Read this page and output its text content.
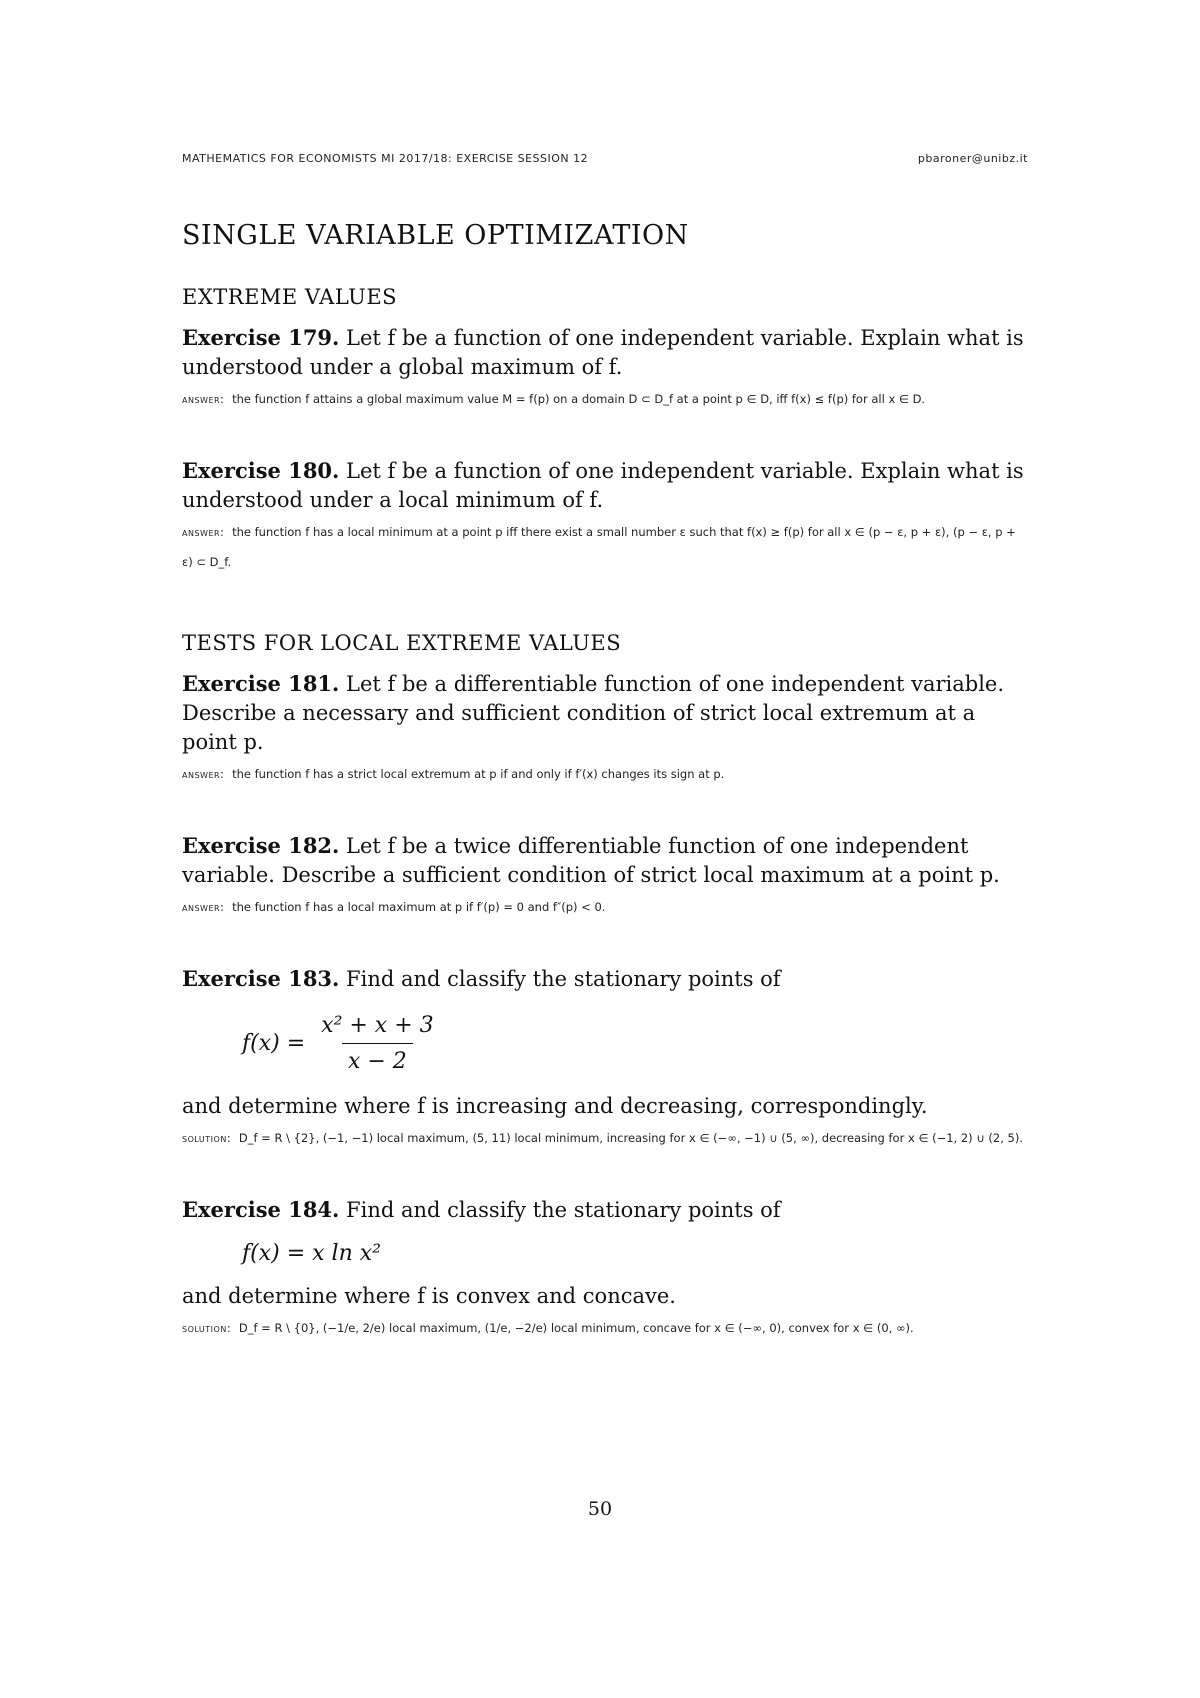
MATHEMATICS FOR ECONOMISTS MI 2017/18: EXERCISE SESSION 12	pbaroner@unibz.it
SINGLE VARIABLE OPTIMIZATION
EXTREME VALUES

Exercise 179. Let f be a function of one independent variable. Explain what is understood under a global maximum of f.

answer: the function f attains a global maximum value M = f(p) on a domain D ⊂ D_f at a point p ∈ D, iff f(x) ≤ f(p) for all x ∈ D.

Exercise 180. Let f be a function of one independent variable. Explain what is understood under a local minimum of f.

answer: the function f has a local minimum at a point p iff there exist a small number ε such that f(x) ≥ f(p) for all x ∈ (p − ε, p + ε), (p − ε, p + ε) ⊂ D_f.
TESTS FOR LOCAL EXTREME VALUES

Exercise 181. Let f be a differentiable function of one independent variable. Describe a necessary and sufficient condition of strict local extremum at a point p.

answer: the function f has a strict local extremum at p if and only if f′(x) changes its sign at p.

Exercise 182. Let f be a twice differentiable function of one independent variable. Describe a sufficient condition of strict local maximum at a point p.

answer: the function f has a local maximum at p if f′(p) = 0 and f″(p) < 0.

Exercise 183. Find and classify the stationary points of

$f(x) = \frac{\text{x² + x + 3}}{x - 2}$

and determine where f is increasing and decreasing, correspondingly.

solution: D_f = R \ {2}, (−1, −1) local maximum, (5, 11) local minimum, increasing for x ∈ (−∞, −1) ∪ (5, ∞), decreasing for x ∈ (−1, 2) ∪ (2, 5).

Exercise 184. Find and classify the stationary points of

f(x) = x ln x²

and determine where f is convex and concave.

solution: D_f = R \ {0}, (−1/e, 2/e) local maximum, (1/e, −2/e) local minimum, concave for x ∈ (−∞, 0), convex for x ∈ (0, ∞).
50
